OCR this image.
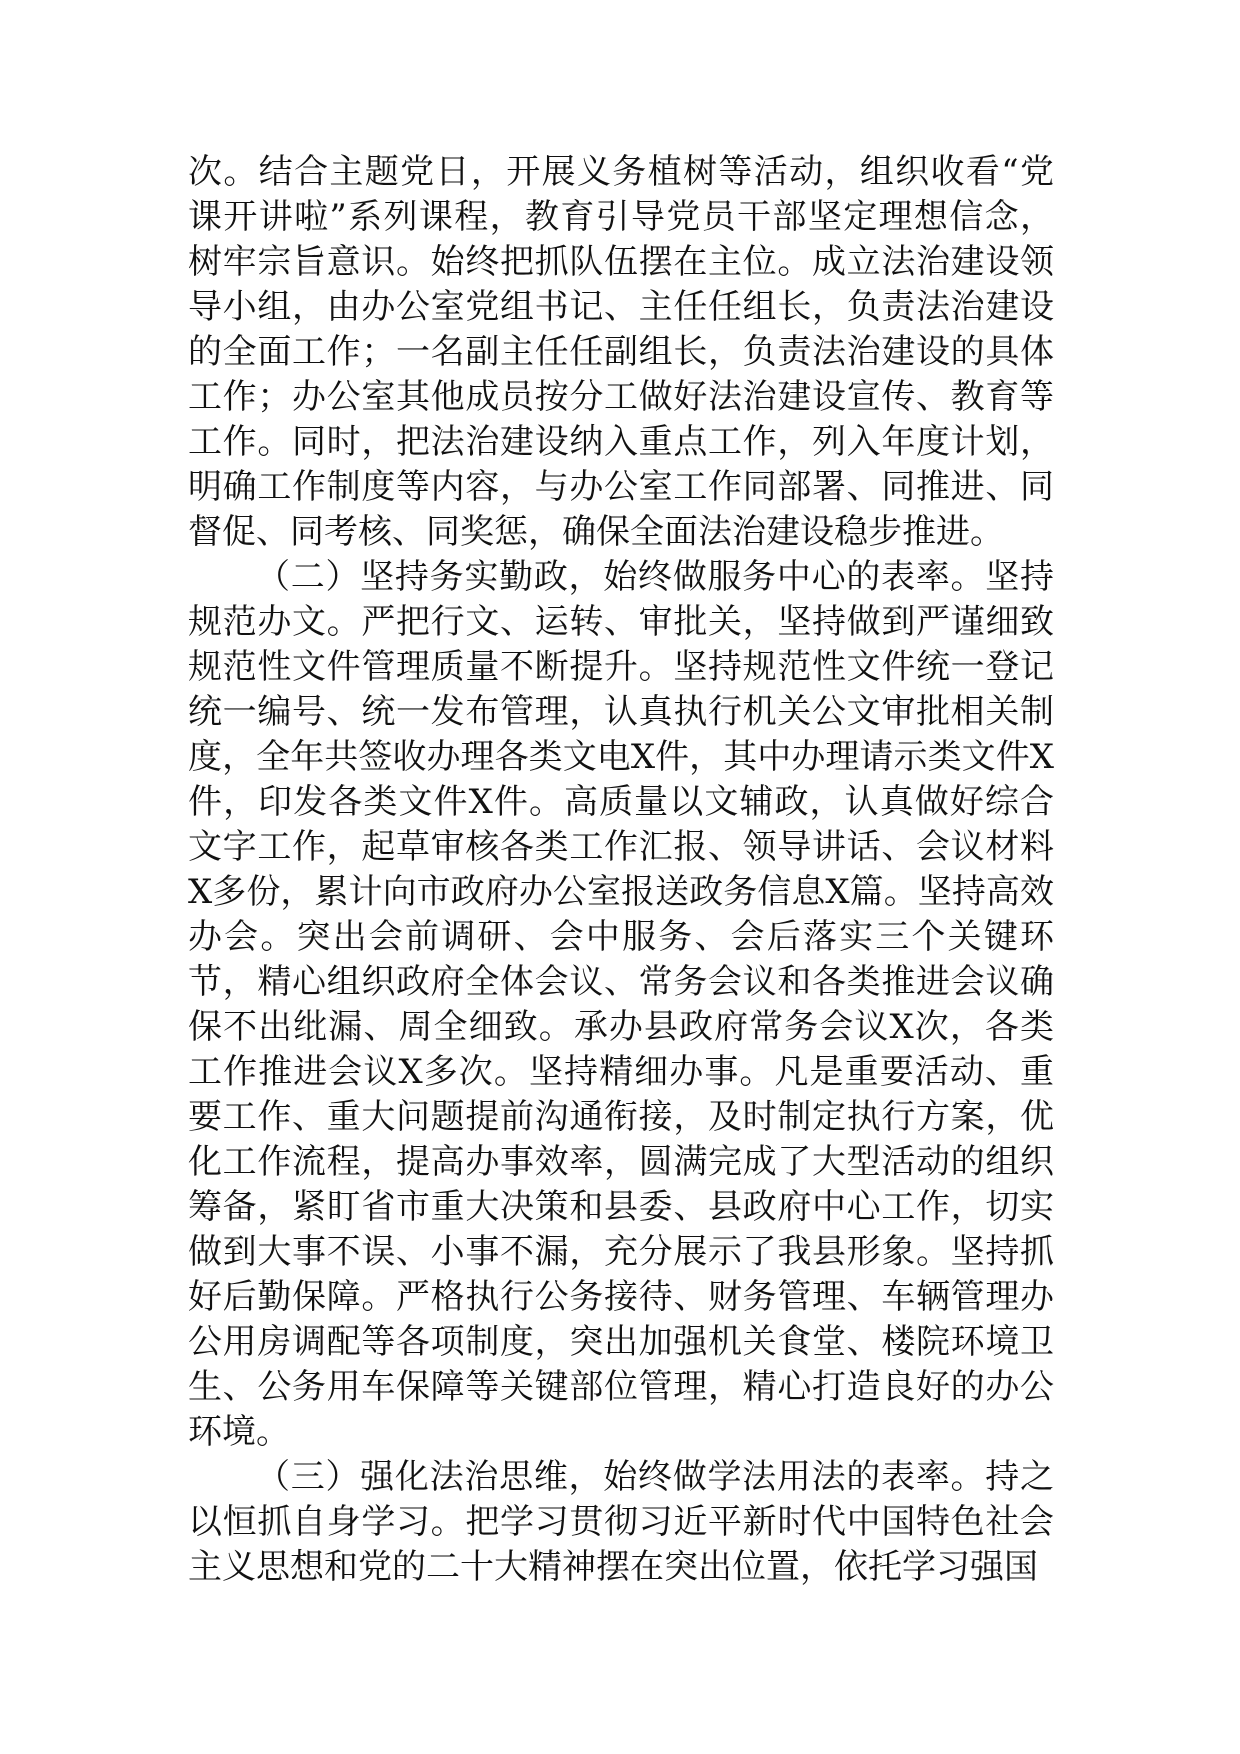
次。结合主题党日，开展义务植树等活动，组织收看“党课开讲啦”系列课程，教育引导党员干部坚定理想信念，树牢宗旨意识。始终把抓队伍摆在主位。成立法治建设领导小组，由办公室党组书记、主任任组长，负责法治建设的全面工作；一名副主任任副组长，负责法治建设的具体工作；办公室其他成员按分工做好法治建设宣传、教育等工作。同时，把法治建设纳入重点工作，列入年度计划，明确工作制度等内容，与办公室工作同部署、同推进、同督促、同考核、同奖惩，确保全面法治建设稳步推进。

（二）坚持务实勤政，始终做服务中心的表率。坚持规范办文。严把行文、运转、审批关，坚持做到严谨细致规范性文件管理质量不断提升。坚持规范性文件统一登记统一编号、统一发布管理，认真执行机关公文审批相关制度，全年共签收办理各类文电X件，其中办理请示类文件X件，印发各类文件X件。高质量以文辅政，认真做好综合文字工作，起草审核各类工作汇报、领导讲话、会议材料X多份，累计向市政府办公室报送政务信息X篇。坚持高效办会。突出会前调研、会中服务、会后落实三个关键环节，精心组织政府全体会议、常务会议和各类推进会议确保不出纰漏、周全细致。承办县政府常务会议X次，各类工作推进会议X多次。坚持精细办事。凡是重要活动、重要工作、重大问题提前沟通衔接，及时制定执行方案，优化工作流程，提高办事效率，圆满完成了大型活动的组织筹备，紧盯省市重大决策和县委、县政府中心工作，切实做到大事不误、小事不漏，充分展示了我县形象。坚持抓好后勤保障。严格执行公务接待、财务管理、车辆管理办公用房调配等各项制度，突出加强机关食堂、楼院环境卫生、公务用车保障等关键部位管理，精心打造良好的办公环境。

（三）强化法治思维，始终做学法用法的表率。持之以恒抓自身学习。把学习贯彻习近平新时代中国特色社会主义思想和党的二十大精神摆在突出位置，依托学习强国
